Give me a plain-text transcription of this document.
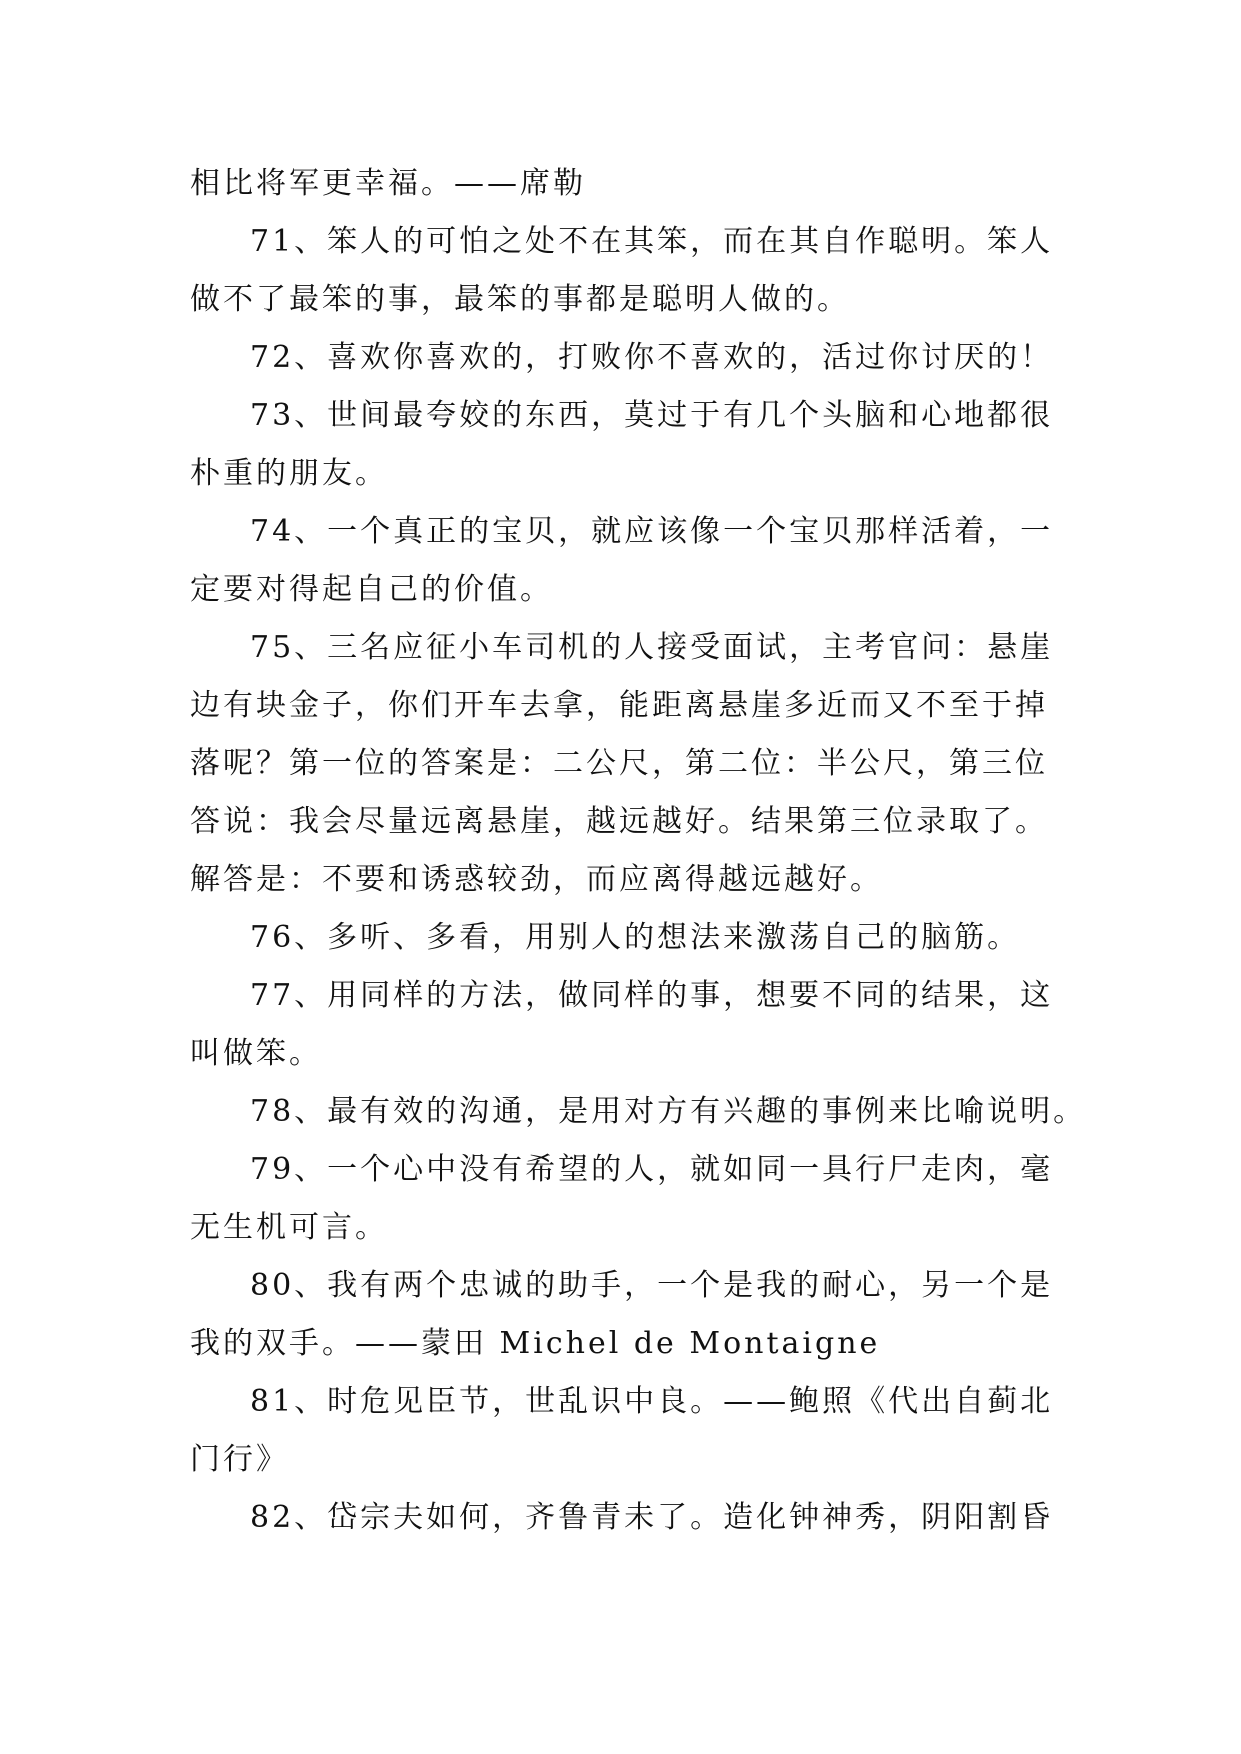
相比将军更幸福。——席勒

71、笨人的可怕之处不在其笨，而在其自作聪明。笨人
做不了最笨的事，最笨的事都是聪明人做的。

72、喜欢你喜欢的，打败你不喜欢的，活过你讨厌的！

73、世间最夸姣的东西，莫过于有几个头脑和心地都很
朴重的朋友。

74、一个真正的宝贝，就应该像一个宝贝那样活着，一
定要对得起自己的价值。

75、三名应征小车司机的人接受面试，主考官问：悬崖
边有块金子，你们开车去拿，能距离悬崖多近而又不至于掉
落呢？第一位的答案是：二公尺，第二位：半公尺，第三位
答说：我会尽量远离悬崖，越远越好。结果第三位录取了。
解答是：不要和诱惑较劲，而应离得越远越好。

76、多听、多看，用别人的想法来激荡自己的脑筋。

77、用同样的方法，做同样的事，想要不同的结果，这
叫做笨。

78、最有效的沟通，是用对方有兴趣的事例来比喻说明。

79、一个心中没有希望的人，就如同一具行尸走肉，毫
无生机可言。

80、我有两个忠诚的助手，一个是我的耐心，另一个是
我的双手。——蒙田 Michel de Montaigne

81、时危见臣节，世乱识中良。——鲍照《代出自蓟北
门行》

82、岱宗夫如何，齐鲁青未了。造化钟神秀，阴阳割昏
